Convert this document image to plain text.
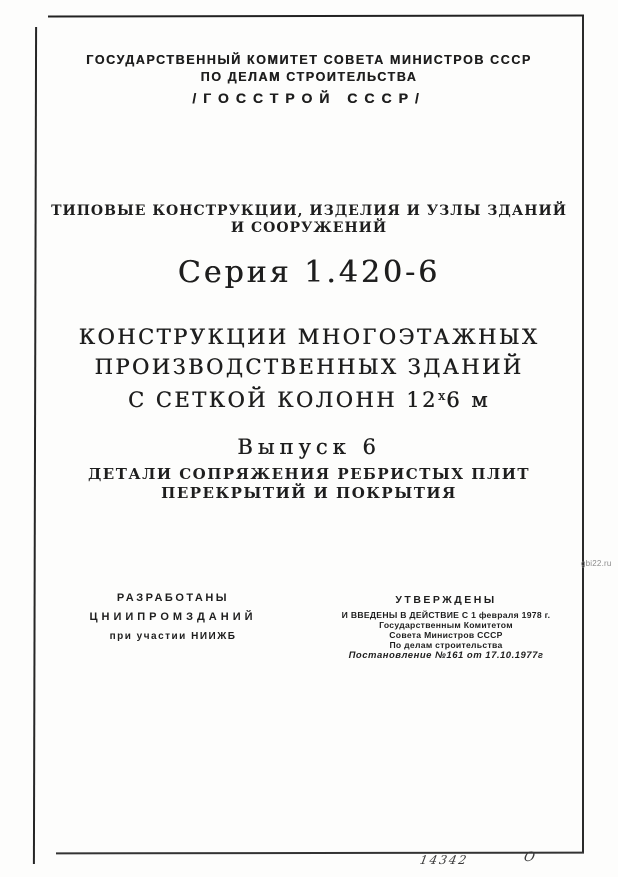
ГОСУДАРСТВЕННЫЙ КОМИТЕТ СОВЕТА МИНИСТРОВ СССР
ПО ДЕЛАМ СТРОИТЕЛЬСТВА
/ГОССТРОЙ СССР/
ТИПОВЫЕ КОНСТРУКЦИИ, ИЗДЕЛИЯ И УЗЛЫ ЗДАНИЙ
И СООРУЖЕНИЙ
Серия 1.420-6
КОНСТРУКЦИИ МНОГОЭТАЖНЫХ
ПРОИЗВОДСТВЕННЫХ ЗДАНИЙ
С СЕТКОЙ КОЛОНН $12^х6$ м
Выпуск 6
ДЕТАЛИ СОПРЯЖЕНИЯ РЕБРИСТЫХ ПЛИТ
ПЕРЕКРЫТИЙ И ПОКРЫТИЯ
РАЗРАБОТАНЫ
ЦНИИПРОМЗДАНИЙ
при участии НИИЖБ
УТВЕРЖДЕНЫ
И ВВЕДЕНЫ В ДЕЙСТВИЕ С 1 февраля 1978 г.
Государственным Комитетом
Совета Министров СССР
По делам строительства
Постановление №161 от 17.10.1977г
gbi22.ru
14342	О
